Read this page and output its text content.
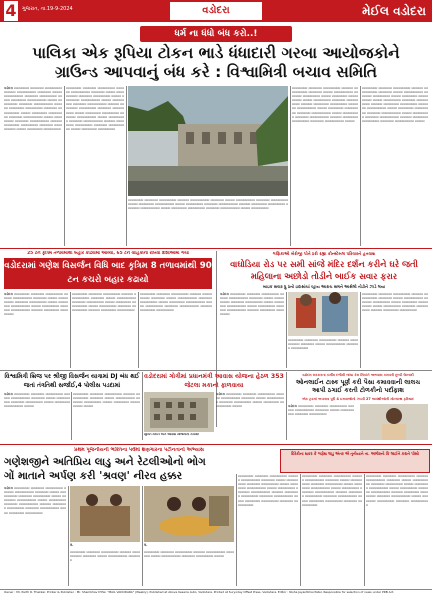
4 ગુજરાત, તા.19-9-2024	વડોદરા	મેઈલ વડોદરા
ધર્મ ના ધંધો બંધ કરો..!
પાલિકા એક રૂપિયા ટોકન ભાડે ધંધાદારી ગરબા આયોજકોને
ગ્રાઉન્ડ આપવાનું બંધ કરે : વિશ્વામિત્રી બચાવ સમિતિ
વડોદરા ૦૦૦૦૦૦૦૦ ૦૦૦૦૦૦૦ ૦૦૦૦૦૦૦૦૦ ૦૦૦૦૦૦ ૦૦૦૦૦૦૦૦૦૦ ૦૦૦૦૦૦૦ ૦૦૦૦૦ ૦૦૦૦૦૦૦૦૦૦ ૦૦૦૦૦૦૦ ૦૦૦૦૦૦૦૦૦ ૦૦૦૦૦ ૦૦૦૦૦૦૦૦ ૦૦૦૦૦૦૦૦૦૦ ૦૦૦૦૦ ૦૦૦૦૦૦૦૦૦ ૦૦૦૦૦૦૦ ૦૦૦૦૦૦૦૦૦૦ ૦૦૦૦૦૦ ૦૦૦૦૦૦૦૦ ૦૦૦૦૦૦૦૦૦ ૦૦૦૦૦૦૦ ૦૦૦૦૦૦૦૦૦૦ ૦૦૦૦૦ ૦૦૦૦૦૦૦૦ ૦૦૦૦૦૦૦૦૦ ૦૦૦૦૦૦૦ ૦૦૦૦૦૦૦૦૦૦ ૦૦૦૦૦ ૦૦૦૦૦૦૦૦૦ ૦૦૦૦૦૦૦ ૦૦૦૦૦૦૦૦૦૦ ૦૦૦૦૦૦ ૦૦૦૦૦૦૦૦ ૦૦૦૦૦૦૦૦૦ ૦૦૦૦૦૦૦ ૦૦૦૦૦૦૦૦૦૦ ૦૦૦૦૦ ૦૦૦૦૦૦૦૦ ૦૦૦૦૦૦૦૦૦
૦૦૦૦૦૦૦૦ ૦૦૦૦૦૦૦ ૦૦૦૦૦૦૦૦૦ ૦૦૦૦૦૦ ૦૦૦૦૦૦૦૦૦૦ ૦૦૦૦૦૦૦ ૦૦૦૦૦ ૦૦૦૦૦૦૦૦૦૦ ૦૦૦૦૦૦૦ ૦૦૦૦૦૦૦૦૦ ૦૦૦૦૦ ૦૦૦૦૦૦૦૦ ૦૦૦૦૦૦૦૦૦૦ ૦૦૦૦૦ ૦૦૦૦૦૦૦૦૦ ૦૦૦૦૦૦૦ ૦૦૦૦૦૦૦૦૦૦ ૦૦૦૦૦૦ ૦૦૦૦૦૦૦૦ ૦૦૦૦૦૦૦૦૦ ૦૦૦૦૦૦૦ ૦૦૦૦૦૦૦૦૦૦ ૦૦૦૦૦ ૦૦૦૦૦૦૦૦ ૦૦૦૦૦૦૦૦૦ ૦૦૦૦૦૦૦ ૦૦૦૦૦૦૦૦૦૦ ૦૦૦૦૦ ૦૦૦૦૦૦૦૦૦ ૦૦૦૦૦૦૦ ૦૦૦૦૦૦૦૦૦૦ ૦૦૦૦૦૦ ૦૦૦૦૦૦૦૦ ૦૦૦૦૦૦૦૦૦ ૦૦૦૦૦૦૦ ૦૦૦૦૦૦૦૦૦૦ ૦૦૦૦૦ ૦૦૦૦૦૦૦૦ ૦૦૦૦૦૦૦૦૦
૦૦૦૦૦૦૦૦ ૦૦૦૦૦૦૦ ૦૦૦૦૦૦૦૦૦ ૦૦૦૦૦૦ ૦૦૦૦૦૦૦૦૦૦ ૦૦૦૦૦૦૦ ૦૦૦૦૦ ૦૦૦૦૦૦૦૦૦૦ ૦૦૦૦૦૦૦ ૦૦૦૦૦૦૦૦૦ ૦૦૦૦૦ ૦૦૦૦૦૦૦૦ ૦૦૦૦૦૦૦૦૦૦ ૦૦૦૦૦ ૦૦૦૦૦૦૦૦૦ ૦૦૦૦૦૦૦ ૦૦૦૦૦૦૦૦૦૦ ૦૦૦૦૦૦ ૦૦૦૦૦૦૦૦ ૦૦૦૦૦૦૦૦૦ ૦૦૦૦૦૦૦ ૦૦૦૦૦૦૦૦૦૦ ૦૦૦૦૦ ૦૦૦૦૦૦૦૦ ૦૦૦૦૦૦૦૦૦ ૦૦૦૦૦૦૦ ૦૦૦૦૦૦૦૦૦૦ ૦૦૦૦૦ ૦૦૦૦૦૦૦૦૦
૦૦૦૦૦૦૦૦ ૦૦૦૦૦૦૦ ૦૦૦૦૦૦૦૦૦ ૦૦૦૦૦૦ ૦૦૦૦૦૦૦૦૦૦ ૦૦૦૦૦૦૦ ૦૦૦૦૦ ૦૦૦૦૦૦૦૦૦૦ ૦૦૦૦૦૦૦ ૦૦૦૦૦૦૦૦૦ ૦૦૦૦૦ ૦૦૦૦૦૦૦૦ ૦૦૦૦૦૦૦૦૦૦ ૦૦૦૦૦ ૦૦૦૦૦૦૦૦૦ ૦૦૦૦૦૦૦ ૦૦૦૦૦૦૦૦૦૦ ૦૦૦૦૦૦ ૦૦૦૦૦૦૦૦ ૦૦૦૦૦૦૦૦૦ ૦૦૦૦૦૦૦ ૦૦૦૦૦૦૦૦૦૦ ૦૦૦૦૦ ૦૦૦૦૦૦૦૦ ૦૦૦૦૦૦૦૦૦ ૦૦૦૦૦૦૦ ૦૦૦૦૦૦૦૦૦૦ ૦૦૦૦૦ ૦૦૦૦૦૦૦૦૦ ૦૦૦૦૦૦૦ ૦૦૦૦૦૦૦૦૦૦ ૦૦૦૦૦૦ ૦૦૦૦૦૦૦૦ ૦૦૦૦૦૦૦૦૦ ૦૦૦૦૦૦૦ ૦૦૦૦૦૦૦૦૦૦ ૦૦૦૦૦
૦૦૦૦૦૦૦૦ ૦૦૦૦૦૦૦ ૦૦૦૦૦૦૦૦૦ ૦૦૦૦૦૦ ૦૦૦૦૦૦૦૦૦૦ ૦૦૦૦૦૦૦ ૦૦૦૦૦ ૦૦૦૦૦૦૦૦૦૦ ૦૦૦૦૦૦૦ ૦૦૦૦૦૦૦૦૦ ૦૦૦૦૦ ૦૦૦૦૦૦૦૦ ૦૦૦૦૦૦૦૦૦૦ ૦૦૦૦૦ ૦૦૦૦૦૦૦૦૦ ૦૦૦૦૦૦૦ ૦૦૦૦૦૦૦૦૦૦ ૦૦૦૦૦૦ ૦૦૦૦૦૦૦૦ ૦૦૦૦૦૦૦૦૦ ૦૦૦૦૦૦૦ ૦૦૦૦૦૦૦૦૦૦ ૦૦૦૦૦ ૦૦૦૦૦૦૦૦ ૦૦૦૦૦૦૦૦૦ ૦૦૦૦૦૦૦ ૦૦૦૦૦૦૦૦૦૦ ૦૦૦૦૦ ૦૦૦૦૦૦૦૦૦ ૦૦૦૦૦૦૦ ૦૦૦૦૦૦૦૦૦૦ ૦૦૦૦૦૦ ૦૦૦૦૦૦૦૦ ૦૦૦૦૦૦૦૦૦ ૦૦૦૦૦૦૦ ૦૦૦૦૦૦૦૦૦૦ ૦૦૦૦૦
25 ટન કૃત્રિમ તળાવમાંથી બહાર કાઢવામાં આવ્યા, 65 ટન વાહિકાના રાખવા દિશાઓમાં ગયા
વડોદરામાં ગણેશ વિસર્જન વિધિ બાદ કૃત્રિમ 8 તળાવમાંથી 90 ટન કચરો બહાર કઢાયો
વડોદરા ૦૦૦૦૦૦૦૦ ૦૦૦૦૦૦૦ ૦૦૦૦૦૦૦૦૦ ૦૦૦૦૦૦ ૦૦૦૦૦૦૦૦૦૦ ૦૦૦૦૦૦૦ ૦૦૦૦૦ ૦૦૦૦૦૦૦૦૦૦ ૦૦૦૦૦૦૦ ૦૦૦૦૦૦૦૦૦ ૦૦૦૦૦ ૦૦૦૦૦૦૦૦ ૦૦૦૦૦૦૦૦૦૦ ૦૦૦૦૦ ૦૦૦૦૦૦૦૦૦ ૦૦૦૦૦૦૦ ૦૦૦૦૦૦૦૦૦૦ ૦૦૦૦૦૦ ૦૦૦૦૦૦૦૦ ૦૦૦૦૦૦૦૦૦
૦૦૦૦૦૦૦૦ ૦૦૦૦૦૦૦ ૦૦૦૦૦૦૦૦૦ ૦૦૦૦૦૦ ૦૦૦૦૦૦૦૦૦૦ ૦૦૦૦૦૦૦ ૦૦૦૦૦ ૦૦૦૦૦૦૦૦૦૦ ૦૦૦૦૦૦૦ ૦૦૦૦૦૦૦૦૦ ૦૦૦૦૦ ૦૦૦૦૦૦૦૦ ૦૦૦૦૦૦૦૦૦૦ ૦૦૦૦૦ ૦૦૦૦૦૦૦૦૦ ૦૦૦૦૦૦૦ ૦૦૦૦૦૦૦૦૦૦ ૦૦૦૦૦૦ ૦૦૦૦૦૦૦૦ ૦૦૦૦૦૦૦૦૦
૦૦૦૦૦૦૦૦ ૦૦૦૦૦૦૦ ૦૦૦૦૦૦૦૦૦ ૦૦૦૦૦૦ ૦૦૦૦૦૦૦૦૦૦ ૦૦૦૦૦૦૦ ૦૦૦૦૦ ૦૦૦૦૦૦૦૦૦૦ ૦૦૦૦૦૦૦ ૦૦૦૦૦૦૦૦૦ ૦૦૦૦૦ ૦૦૦૦૦૦૦૦ ૦૦૦૦૦૦૦૦૦૦ ૦૦૦૦૦ ૦૦૦૦૦૦૦૦૦ ૦૦૦૦૦૦૦ ૦૦૦૦૦૦૦૦૦૦ ૦૦૦૦૦૦ ૦૦૦૦૦૦૦૦ ૦૦૦૦૦૦૦૦૦
ગણિકાઓ બેરોજી પોતે ઠરી રહ્યા કોન્સ્ટેબલ પરિવારને હતવાશ
વાઘોડિયા રોડ પર સમી સાંજે મંદિર દર્શન કરીને ઘરે જતી મહિલાના અછોડો તોડીને બાઈક સવાર ફરાર
બાઇક સવાર ધ્રુ ઠનો ઇદાસાંચાં વ્હાય આરાચ સમને આસેલો તોડીને ઝાડે લયા
વડોદરા ૦૦૦૦૦૦૦૦ ૦૦૦૦૦૦૦ ૦૦૦૦૦૦૦૦૦ ૦૦૦૦૦૦ ૦૦૦૦૦૦૦૦૦૦ ૦૦૦૦૦૦૦ ૦૦૦૦૦ ૦૦૦૦૦૦૦૦૦૦ ૦૦૦૦૦૦૦ ૦૦૦૦૦૦૦૦૦ ૦૦૦૦૦ ૦૦૦૦૦૦૦૦ ૦૦૦૦૦૦૦૦૦૦ ૦૦૦૦૦ ૦૦૦૦૦૦૦૦૦ ૦૦૦૦૦૦૦ ૦૦૦૦૦૦૦૦૦૦ ૦૦૦૦૦૦ ૦૦૦૦૦૦૦૦ ૦૦૦૦૦૦૦૦૦
૦૦૦૦૦૦૦૦ ૦૦૦૦૦૦૦ ૦૦૦૦૦૦૦૦૦ ૦૦૦૦૦૦ ૦૦૦૦૦૦૦૦૦૦ ૦૦૦૦૦૦૦ ૦૦૦૦૦ ૦૦૦૦૦૦૦૦૦૦ ૦૦૦૦૦૦૦ ૦૦૦૦૦૦૦૦૦
૦૦૦૦૦૦૦૦ ૦૦૦૦૦૦૦ ૦૦૦૦૦૦૦૦૦ ૦૦૦૦૦૦ ૦૦૦૦૦૦૦૦૦૦ ૦૦૦૦૦૦૦ ૦૦૦૦૦ ૦૦૦૦૦૦૦૦૦૦ ૦૦૦૦૦૦૦ ૦૦૦૦૦૦૦૦૦ ૦૦૦૦૦ ૦૦૦૦૦૦૦૦ ૦૦૦૦૦૦૦૦૦૦ ૦૦૦૦૦ ૦૦૦૦૦૦૦૦૦ ૦૦૦૦૦૦૦ ૦૦૦૦૦૦૦૦૦૦ ૦૦૦૦૦૦ ૦૦૦૦૦૦૦૦ ૦૦૦૦૦૦૦૦૦
વિશ્વામિત્રી બ્રિજ પર શ્રીજી વિસર્જન યાત્રામાં DJ બંધ થઈ જતાં તંત્રતિથી સર્જાઈ,4 પોલીસ પડદામાં
વડોદરા ૦૦૦૦૦૦૦૦ ૦૦૦૦૦૦૦ ૦૦૦૦૦૦૦૦૦ ૦૦૦૦૦૦ ૦૦૦૦૦૦૦૦૦૦ ૦૦૦૦૦૦૦ ૦૦૦૦૦ ૦૦૦૦૦૦૦૦૦૦ ૦૦૦૦૦૦૦ ૦૦૦૦૦૦૦૦૦ ૦૦૦૦૦ ૦૦૦૦૦૦૦૦ ૦૦૦૦૦૦૦૦૦૦ ૦૦૦૦૦
૦૦૦૦૦૦૦૦ ૦૦૦૦૦૦૦ ૦૦૦૦૦૦૦૦૦ ૦૦૦૦૦૦ ૦૦૦૦૦૦૦૦૦૦ ૦૦૦૦૦૦૦ ૦૦૦૦૦ ૦૦૦૦૦૦૦૦૦૦ ૦૦૦૦૦૦૦ ૦૦૦૦૦૦૦૦૦ ૦૦૦૦૦ ૦૦૦૦૦૦૦૦ ૦૦૦૦૦૦૦૦૦૦ ૦૦૦૦૦
વડોદરામાં ગોત્રીમાં પ્રધાનમંત્રી આવાસ યોજના હેઠળ 353 જેટલા મકાનો ફાળવાયા
સુચિત મકાન અને આવાસ યોજનાની તસવીર
વડોદરા ૦૦૦૦૦૦૦૦ ૦૦૦૦૦૦૦ ૦૦૦૦૦૦૦૦૦ ૦૦૦૦૦૦ ૦૦૦૦૦૦૦૦૦૦ ૦૦૦૦૦૦૦ ૦૦૦૦૦ ૦૦૦૦૦૦૦૦૦૦ ૦૦૦૦૦૦૦ ૦૦૦૦૦૦૦૦૦ ૦૦૦૦૦ ૦૦૦૦૦૦૦૦ ૦૦૦૦૦૦૦૦૦૦ ૦૦૦૦૦
વડોદરા સરકારના કર્મીમ દળીમી લાંચા કેમ સિંકાંને અભ્યાસ કરાવતી છુપ્પી ઉસ્તાદી
ઓનલાઈન ટાસ્ક પૂર્ણ કરી પૈસા કમાવવાની લાલચ આપી ઠગાઈ કરતી ટોળકીનો પર્દાફાશ
એક ટ્રકમાં અપનાવ પૂરી 4 ઠગબાજોનો ઝડપી 27 જ્યંથીઓની મોન્સરથ ફરિયાદ
વડોદરા ૦૦૦૦૦૦૦૦ ૦૦૦૦૦૦૦ ૦૦૦૦૦૦૦૦૦ ૦૦૦૦૦૦ ૦૦૦૦૦૦૦૦૦૦ ૦૦૦૦૦૦૦ ૦૦૦૦૦ ૦૦૦૦૦૦૦૦૦૦ ૦૦૦૦૦૦૦ ૦૦૦૦૦૦૦૦૦
પ્રથમ પૂજનીયની ભક્તિના પર્વમાં શણગારના પટીનતાનો અભ્યાસ
ગણેશજીને અતિપ્રિય લાડુ અને રેટલીઓનો ભોગ
ગોં માતાને અર્પણ કરી 'શ્રવણ' નીરવ હક્કર
દિરેકોના શકર કે ગણેશ લાડુ અંતર એ તૃતીયાને તા. અમીરનો કિ લાઈને કરાને પીસો
વડોદરા ૦૦૦૦૦૦૦૦ ૦૦૦૦૦૦૦ ૦૦૦૦૦૦૦૦૦ ૦૦૦૦૦૦ ૦૦૦૦૦૦૦૦૦૦ ૦૦૦૦૦૦૦ ૦૦૦૦૦ ૦૦૦૦૦૦૦૦૦૦ ૦૦૦૦૦૦૦ ૦૦૦૦૦૦૦૦૦ ૦૦૦૦૦ ૦૦૦૦૦૦૦૦ ૦૦૦૦૦૦૦૦૦૦ ૦૦૦૦૦ ૦૦૦૦૦૦૦૦૦ ૦૦૦૦૦૦૦ ૦૦૦૦૦૦૦૦૦૦ ૦૦૦૦૦૦ ૦૦૦૦૦૦૦૦ ૦૦૦૦૦૦૦૦૦ ૦૦૦૦૦૦૦ ૦૦૦૦૦૦૦૦૦૦ ૦૦૦૦૦ ૦૦૦૦૦૦૦૦ ૦૦૦૦૦૦૦૦૦
ઉ.
૦૦૦૦૦૦૦૦ ૦૦૦૦૦૦૦ ૦૦૦૦૦૦૦૦૦ ૦૦૦૦૦૦ ૦૦૦૦૦૦૦૦૦૦ ૦૦૦૦૦૦૦ ૦૦૦૦૦ ૦૦૦૦૦૦૦૦૦૦ ૦૦૦૦૦૦૦
ઉ.
૦૦૦૦૦૦૦૦ ૦૦૦૦૦૦૦ ૦૦૦૦૦૦૦૦૦ ૦૦૦૦૦૦ ૦૦૦૦૦૦૦૦૦૦ ૦૦૦૦૦૦૦ ૦૦૦૦૦ ૦૦૦૦૦૦૦૦૦૦ ૦૦૦૦૦૦૦ ૦૦૦૦૦૦૦૦૦ ૦૦૦૦૦
૦૦૦૦૦૦૦૦ ૦૦૦૦૦૦૦ ૦૦૦૦૦૦૦૦૦ ૦૦૦૦૦૦ ૦૦૦૦૦૦૦૦૦૦ ૦૦૦૦૦૦૦ ૦૦૦૦૦ ૦૦૦૦૦૦૦૦૦૦ ૦૦૦૦૦૦૦ ૦૦૦૦૦૦૦૦૦ ૦૦૦૦૦ ૦૦૦૦૦૦૦૦ ૦૦૦૦૦૦૦૦૦૦ ૦૦૦૦૦ ૦૦૦૦૦૦૦૦૦ ૦૦૦૦૦૦૦ ૦૦૦૦૦૦૦૦૦૦ ૦૦૦૦૦૦ ૦૦૦૦૦૦૦૦ ૦૦૦૦૦૦૦૦૦ ૦૦૦૦૦૦૦ ૦૦૦૦૦૦૦૦૦૦ ૦૦૦૦૦ ૦૦૦૦૦૦૦૦ ૦૦૦૦૦૦૦૦૦ ૦૦૦૦૦૦૦ ૦૦૦૦૦૦૦૦૦૦
૦૦૦૦૦૦૦૦ ૦૦૦૦૦૦૦ ૦૦૦૦૦૦૦૦૦ ૦૦૦૦૦૦ ૦૦૦૦૦૦૦૦૦૦ ૦૦૦૦૦૦૦ ૦૦૦૦૦ ૦૦૦૦૦૦૦૦૦૦ ૦૦૦૦૦૦૦ ૦૦૦૦૦૦૦૦૦ ૦૦૦૦૦ ૦૦૦૦૦૦૦૦ ૦૦૦૦૦૦૦૦૦૦ ૦૦૦૦૦ ૦૦૦૦૦૦૦૦૦ ૦૦૦૦૦૦૦ ૦૦૦૦૦૦૦૦૦૦ ૦૦૦૦૦૦ ૦૦૦૦૦૦૦૦ ૦૦૦૦૦૦૦૦૦ ૦૦૦૦૦૦૦ ૦૦૦૦૦૦૦૦૦૦ ૦૦૦૦૦ ૦૦૦૦૦૦૦૦ ૦૦૦૦૦૦૦૦૦ ૦૦૦૦૦૦૦ ૦૦૦૦૦૦૦૦૦૦
૦૦૦૦૦૦૦૦ ૦૦૦૦૦૦૦ ૦૦૦૦૦૦૦૦૦ ૦૦૦૦૦૦ ૦૦૦૦૦૦૦૦૦૦ ૦૦૦૦૦૦૦ ૦૦૦૦૦ ૦૦૦૦૦૦૦૦૦૦ ૦૦૦૦૦૦૦ ૦૦૦૦૦૦૦૦૦ ૦૦૦૦૦ ૦૦૦૦૦૦૦૦ ૦૦૦૦૦૦૦૦૦૦ ૦૦૦૦૦ ૦૦૦૦૦૦૦૦૦ ૦૦૦૦૦૦૦ ૦૦૦૦૦૦૦૦૦૦ ૦૦૦૦૦૦ ૦૦૦૦૦૦૦૦ ૦૦૦૦૦૦૦૦૦ ૦૦૦૦૦૦૦ ૦૦૦૦૦૦૦૦૦૦ ૦૦૦૦૦ ૦૦૦૦૦૦૦૦ ૦૦૦૦૦૦૦૦૦ ૦૦૦૦૦૦૦ ૦૦૦૦૦૦૦૦૦૦
Owner : Mr. Parth R. Thakkar. Printer & Publisher : Mr. Shambhav D'Pal. "MAIL VADODARA" (Weekly). Published at Above Kesaria Auto, Vadodara. Printed at Suryoday Offset Press, Vadodara. Editor : Nisha Jayantbhai Patel. Responsible for selection of news under PRB Act.
